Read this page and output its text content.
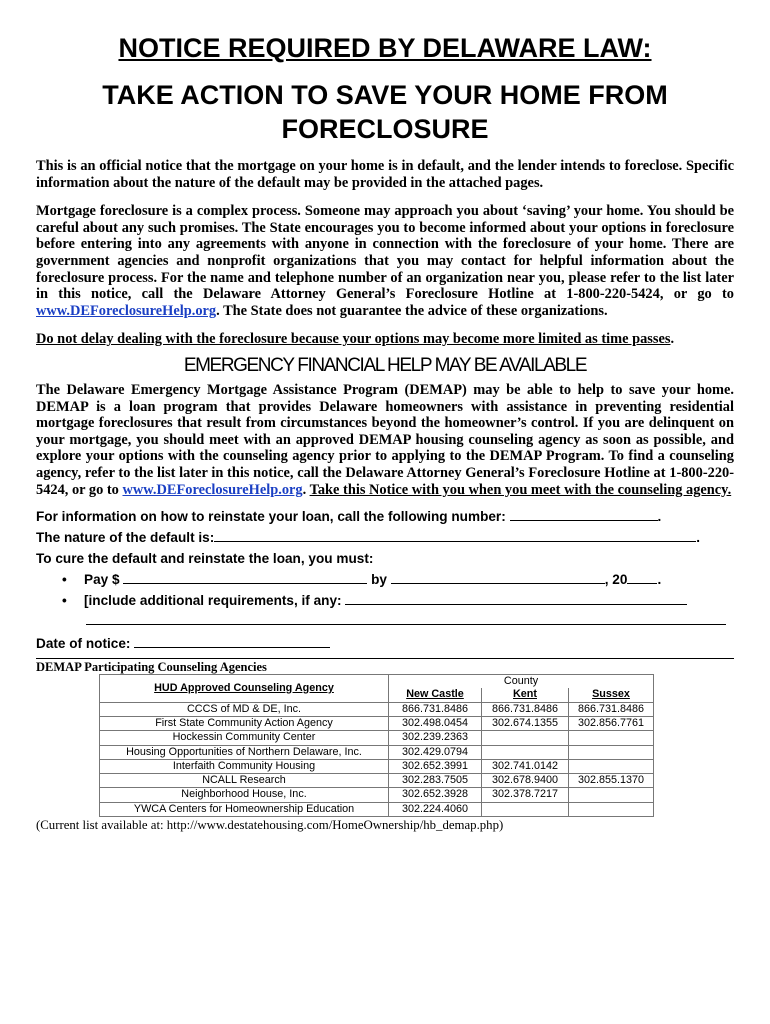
NOTICE REQUIRED BY DELAWARE LAW:
TAKE ACTION TO SAVE YOUR HOME FROM FORECLOSURE

This is an official notice that the mortgage on your home is in default, and the lender intends to foreclose. Specific information about the nature of the default may be provided in the attached pages.

Mortgage foreclosure is a complex process. Someone may approach you about ‘saving’ your home. You should be careful about any such promises. The State encourages you to become informed about your options in foreclosure before entering into any agreements with anyone in connection with the foreclosure of your home. There are government agencies and nonprofit organizations that you may contact for helpful information about the foreclosure process. For the name and telephone number of an organization near you, please refer to the list later in this notice, call the Delaware Attorney General’s Foreclosure Hotline at 1-800-220-5424, or go to www.DEForeclosureHelp.org. The State does not guarantee the advice of these organizations.

Do not delay dealing with the foreclosure because your options may become more limited as time passes.

EMERGENCY FINANCIAL HELP MAY BE AVAILABLE

The Delaware Emergency Mortgage Assistance Program (DEMAP) may be able to help to save your home. DEMAP is a loan program that provides Delaware homeowners with assistance in preventing residential mortgage foreclosures that result from circumstances beyond the homeowner’s control. If you are delinquent on your mortgage, you should meet with an approved DEMAP housing counseling agency as soon as possible, and explore your options with the counseling agency prior to applying to the DEMAP Program. To find a counseling agency, refer to the list later in this notice, call the Delaware Attorney General’s Foreclosure Hotline at 1-800-220-5424, or go to www.DEForeclosureHelp.org. Take this Notice with you when you meet with the counseling agency.

For information on how to reinstate your loan, call the following number:	.

The nature of the default is:	.

To cure the default and reinstate the loan, you must:

• Pay $	by	, 20 .

• [include additional requirements, if any:

Date of notice:

DEMAP Participating Counseling Agencies

HUD Approved Counseling Agency	County		
	New Castle	Kent	Sussex
CCCS of MD & DE, Inc.	866.731.8486	866.731.8486	866.731.8486
First State Community Action Agency	302.498.0454	302.674.1355	302.856.7761
Hockessin Community Center	302.239.2363		
Housing Opportunities of Northern Delaware, Inc.	302.429.0794		
Interfaith Community Housing	302.652.3991	302.741.0142	
NCALL Research	302.283.7505	302.678.9400	302.855.1370
Neighborhood House, Inc.	302.652.3928	302.378.7217	
YWCA Centers for Homeownership Education	302.224.4060		

(Current list available at: http://www.destatehousing.com/HomeOwnership/hb_demap.php)
